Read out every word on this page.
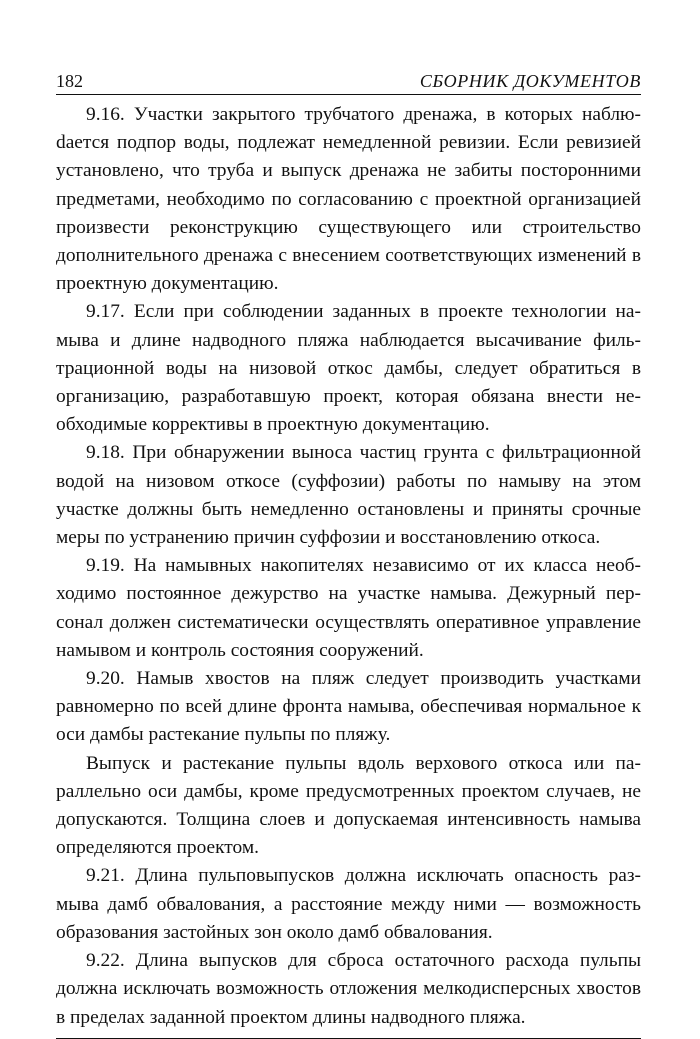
182	СБОРНИК ДОКУМЕНТОВ

9.16. Участки закрытого трубчатого дренажа, в которых наблюdается подпор воды, подлежат немедленной ревизии. Если ревизией установлено, что труба и выпуск дренажа не забиты посторонними предметами, необходимо по согласованию с проектной организацией произвести реконструкцию существующего или строительство дополнительного дренажа с внесением соответствующих изменений в проектную документацию.

9.17. Если при соблюдении заданных в проекте технологии намыва и длине надводного пляжа наблюдается высачивание фильтрационной воды на низовой откос дамбы, следует обратиться в организацию, разработавшую проект, которая обязана внести необходимые коррективы в проектную документацию.

9.18. При обнаружении выноса частиц грунта с фильтрационной водой на низовом откосе (суффозии) работы по намыву на этом участке должны быть немедленно остановлены и приняты срочные меры по устранению причин суффозии и восстановлению откоса.

9.19. На намывных накопителях независимо от их класса необходимо постоянное дежурство на участке намыва. Дежурный персонал должен систематически осуществлять оперативное управление намывом и контроль состояния сооружений.

9.20. Намыв хвостов на пляж следует производить участками равномерно по всей длине фронта намыва, обеспечивая нормальное к оси дамбы растекание пульпы по пляжу.

Выпуск и растекание пульпы вдоль верхового откоса или параллельно оси дамбы, кроме предусмотренных проектом случаев, не допускаются. Толщина слоев и допускаемая интенсивность намыва определяются проектом.

9.21. Длина пульповыпусков должна исключать опасность размыва дамб обвалования, а расстояние между ними — возможность образования застойных зон около дамб обвалования.

9.22. Длина выпусков для сброса остаточного расхода пульпы должна исключать возможность отложения мелкодисперсных хвостов в пределах заданной проектом длины надводного пляжа.
